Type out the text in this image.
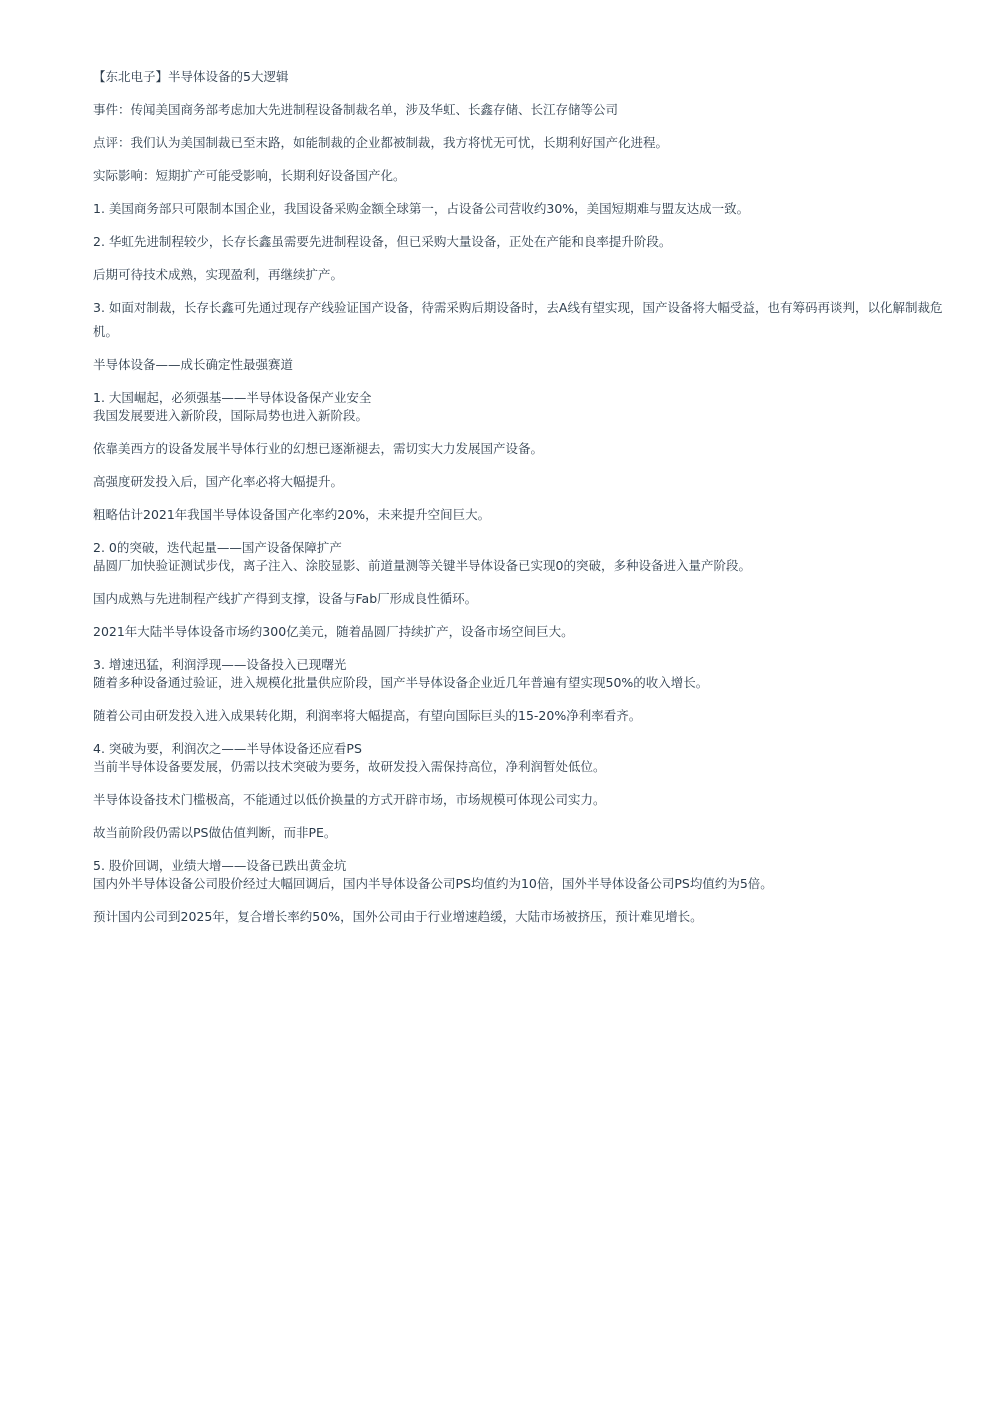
【东北电子】半导体设备的5大逻辑

事件：传闻美国商务部考虑加大先进制程设备制裁名单，涉及华虹、长鑫存储、长江存储等公司

点评：我们认为美国制裁已至末路，如能制裁的企业都被制裁，我方将忧无可忧，长期利好国产化进程。

实际影响：短期扩产可能受影响，长期利好设备国产化。

1. 美国商务部只可限制本国企业，我国设备采购金额全球第一，占设备公司营收约30%，美国短期难与盟友达成一致。

2. 华虹先进制程较少，长存长鑫虽需要先进制程设备，但已采购大量设备，正处在产能和良率提升阶段。

后期可待技术成熟，实现盈利，再继续扩产。

3. 如面对制裁，长存长鑫可先通过现存产线验证国产设备，待需采购后期设备时，去A线有望实现，国产设备将大幅受益，也有筹码再谈判，以化解制裁危机。

半导体设备——成长确定性最强赛道

1. 大国崛起，必须强基——半导体设备保产业安全

我国发展要进入新阶段，国际局势也进入新阶段。

依靠美西方的设备发展半导体行业的幻想已逐渐褪去，需切实大力发展国产设备。

高强度研发投入后，国产化率必将大幅提升。

粗略估计2021年我国半导体设备国产化率约20%，未来提升空间巨大。

2. 0的突破，迭代起量——国产设备保障扩产

晶圆厂加快验证测试步伐，离子注入、涂胶显影、前道量测等关键半导体设备已实现0的突破，多种设备进入量产阶段。

国内成熟与先进制程产线扩产得到支撑，设备与Fab厂形成良性循环。

2021年大陆半导体设备市场约300亿美元，随着晶圆厂持续扩产，设备市场空间巨大。

3. 增速迅猛，利润浮现——设备投入已现曙光

随着多种设备通过验证，进入规模化批量供应阶段，国产半导体设备企业近几年普遍有望实现50%的收入增长。

随着公司由研发投入进入成果转化期，利润率将大幅提高，有望向国际巨头的15-20%净利率看齐。

4. 突破为要，利润次之——半导体设备还应看PS

当前半导体设备要发展，仍需以技术突破为要务，故研发投入需保持高位，净利润暂处低位。

半导体设备技术门槛极高，不能通过以低价换量的方式开辟市场，市场规模可体现公司实力。

故当前阶段仍需以PS做估值判断，而非PE。

5. 股价回调，业绩大增——设备已跌出黄金坑

国内外半导体设备公司股价经过大幅回调后，国内半导体设备公司PS均值约为10倍，国外半导体设备公司PS均值约为5倍。

预计国内公司到2025年，复合增长率约50%，国外公司由于行业增速趋缓，大陆市场被挤压，预计难见增长。
